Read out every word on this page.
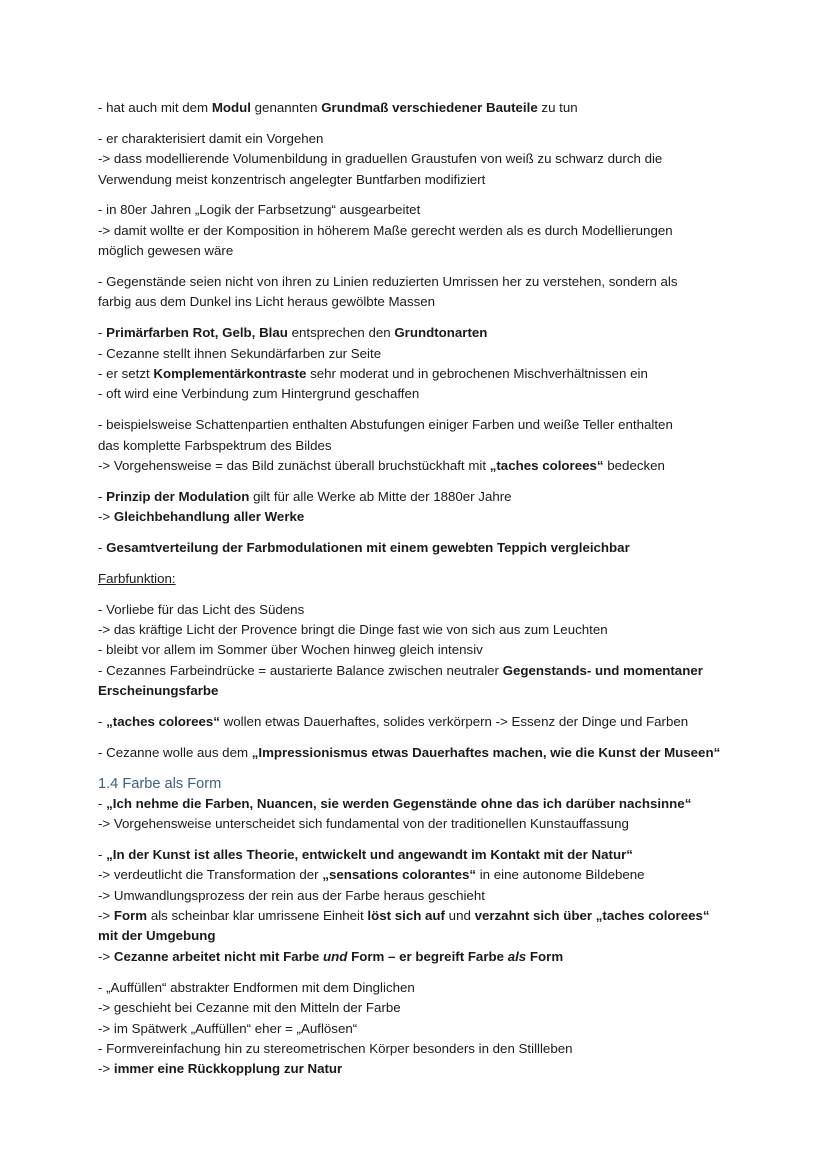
- hat auch mit dem Modul genannten Grundmaß verschiedener Bauteile zu tun
- er charakterisiert damit ein Vorgehen
-> dass modellierende Volumenbildung in graduellen Graustufen von weiß zu schwarz durch die
Verwendung meist konzentrisch angelegter Buntfarben modifiziert
- in 80er Jahren „Logik der Farbsetzung“ ausgearbeitet
-> damit wollte er der Komposition in höherem Maße gerecht werden als es durch Modellierungen
möglich gewesen wäre
- Gegenstände seien nicht von ihren zu Linien reduzierten Umrissen her zu verstehen, sondern als
farbig aus dem Dunkel ins Licht heraus gewölbte Massen
- Primärfarben Rot, Gelb, Blau entsprechen den Grundtonarten
- Cezanne stellt ihnen Sekundärfarben zur Seite
- er setzt Komplementärkontraste sehr moderat und in gebrochenen Mischverhältnissen ein
- oft wird eine Verbindung zum Hintergrund geschaffen
- beispielsweise Schattenpartien enthalten Abstufungen einiger Farben und weiße Teller enthalten
das komplette Farbspektrum des Bildes
-> Vorgehensweise = das Bild zunächst überall bruchstückhaft mit „taches colorees“ bedecken
- Prinzip der Modulation gilt für alle Werke ab Mitte der 1880er Jahre
-> Gleichbehandlung aller Werke
- Gesamtverteilung der Farbmodulationen mit einem gewebten Teppich vergleichbar
Farbfunktion:
- Vorliebe für das Licht des Südens
-> das kräftige Licht der Provence bringt die Dinge fast wie von sich aus zum Leuchten
- bleibt vor allem im Sommer über Wochen hinweg gleich intensiv
- Cezannes Farbeindrücke = austarierte Balance zwischen neutraler Gegenstands- und momentaner
Erscheinungsfarbe
- „taches colorees“ wollen etwas Dauerhaftes, solides verkörpern -> Essenz der Dinge und Farben
- Cezanne wolle aus dem „Impressionismus etwas Dauerhaftes machen, wie die Kunst der Museen“
1.4 Farbe als Form
- „Ich nehme die Farben, Nuancen, sie werden Gegenstände ohne das ich darüber nachsinne“
-> Vorgehensweise unterscheidet sich fundamental von der traditionellen Kunstauffassung
- „In der Kunst ist alles Theorie, entwickelt und angewandt im Kontakt mit der Natur“
-> verdeutlicht die Transformation der „sensations colorantes“ in eine autonome Bildebene
-> Umwandlungsprozess der rein aus der Farbe heraus geschieht
-> Form als scheinbar klar umrissene Einheit löst sich auf und verzahnt sich über „taches colorees“
mit der Umgebung
-> Cezanne arbeitet nicht mit Farbe und Form – er begreift Farbe als Form
- „Auffüllen“ abstrakter Endformen mit dem Dinglichen
-> geschieht bei Cezanne mit den Mitteln der Farbe
-> im Spätwerk „Auffüllen“ eher = „Auflösen“
- Formvereinfachung hin zu stereometrischen Körper besonders in den Stillleben
-> immer eine Rückkopplung zur Natur
